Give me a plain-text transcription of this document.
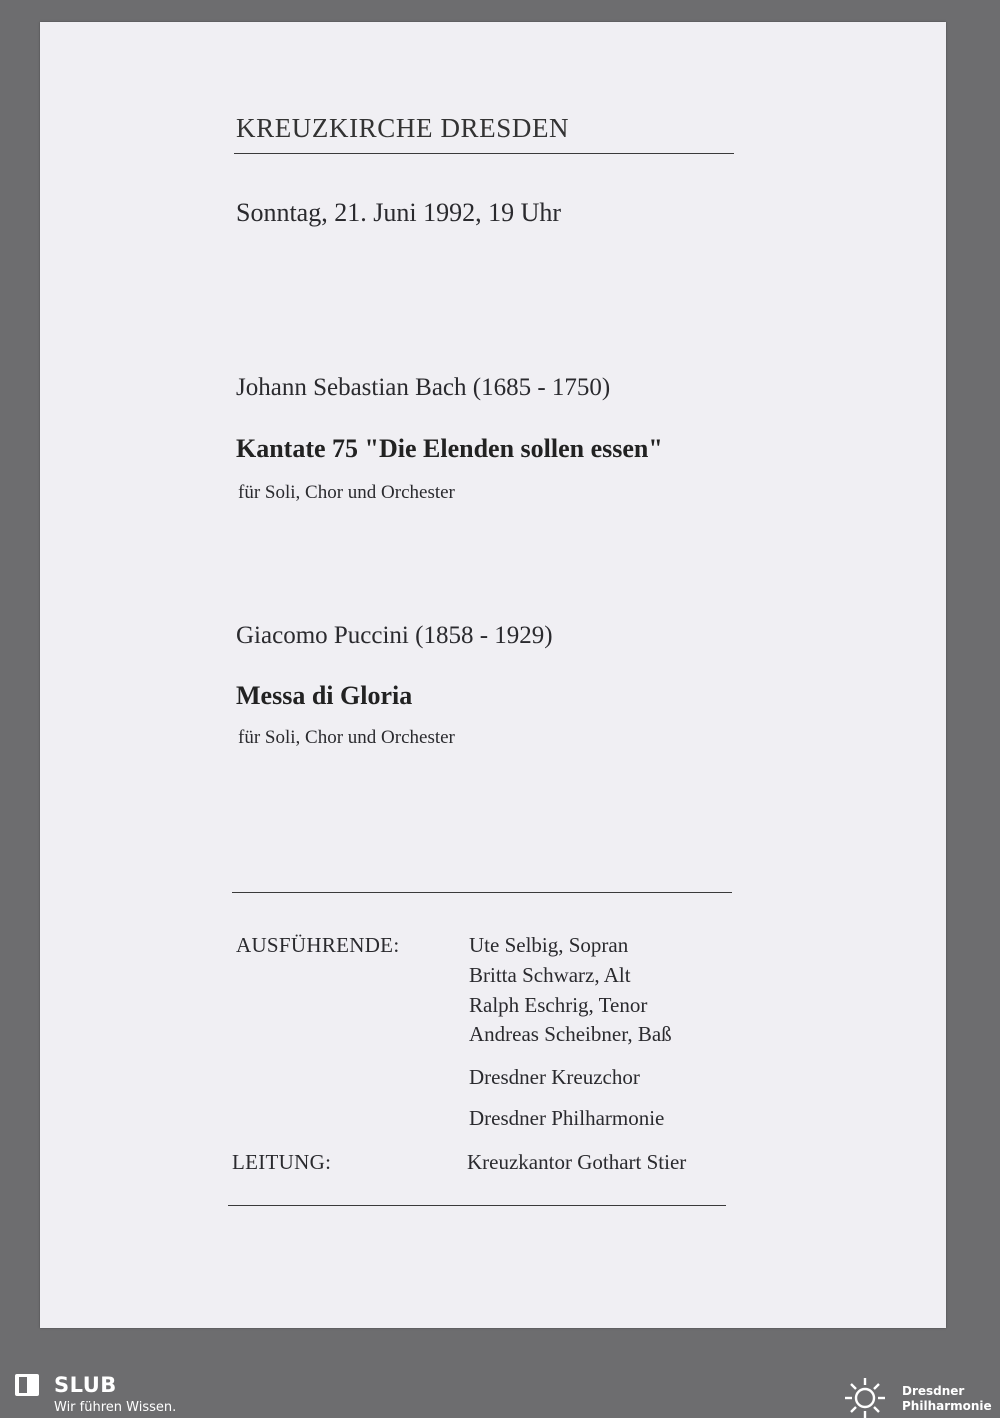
KREUZKIRCHE DRESDEN
Sonntag, 21. Juni 1992, 19 Uhr
Johann Sebastian Bach (1685 - 1750)
Kantate 75 "Die Elenden sollen essen"
für Soli, Chor und Orchester
Giacomo Puccini (1858 - 1929)
Messa di Gloria
für Soli, Chor und Orchester
AUSFÜHRENDE:	Ute Selbig, Sopran
Britta Schwarz, Alt
Ralph Eschrig, Tenor
Andreas Scheibner, Baß
Dresdner Kreuzchor
Dresdner Philharmonie
LEITUNG:	Kreuzkantor Gothart Stier
SLUB
Wir führen Wissen.
Dresdner
Philharmonie
